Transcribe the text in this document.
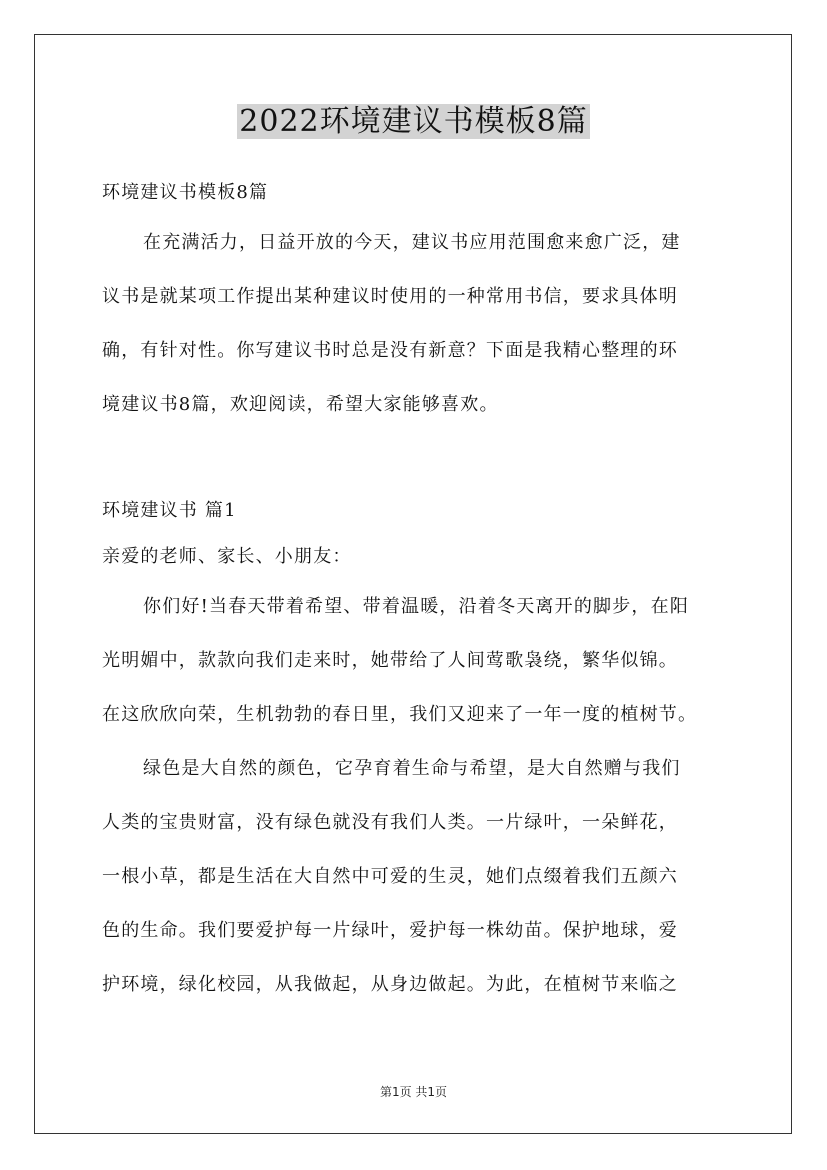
2022环境建议书模板8篇

环境建议书模板8篇

在充满活力，日益开放的今天，建议书应用范围愈来愈广泛，建

议书是就某项工作提出某种建议时使用的一种常用书信，要求具体明

确，有针对性。你写建议书时总是没有新意？下面是我精心整理的环

境建议书8篇，欢迎阅读，希望大家能够喜欢。

环境建议书 篇1

亲爱的老师、家长、小朋友：

你们好!当春天带着希望、带着温暖，沿着冬天离开的脚步，在阳

光明媚中，款款向我们走来时，她带给了人间莺歌袅绕，繁华似锦。

在这欣欣向荣，生机勃勃的春日里，我们又迎来了一年一度的植树节。

绿色是大自然的颜色，它孕育着生命与希望，是大自然赠与我们

人类的宝贵财富，没有绿色就没有我们人类。一片绿叶，一朵鲜花，

一根小草，都是生活在大自然中可爱的生灵，她们点缀着我们五颜六

色的生命。我们要爱护每一片绿叶，爱护每一株幼苗。保护地球，爱

护环境，绿化校园，从我做起，从身边做起。为此，在植树节来临之

第1页 共1页
